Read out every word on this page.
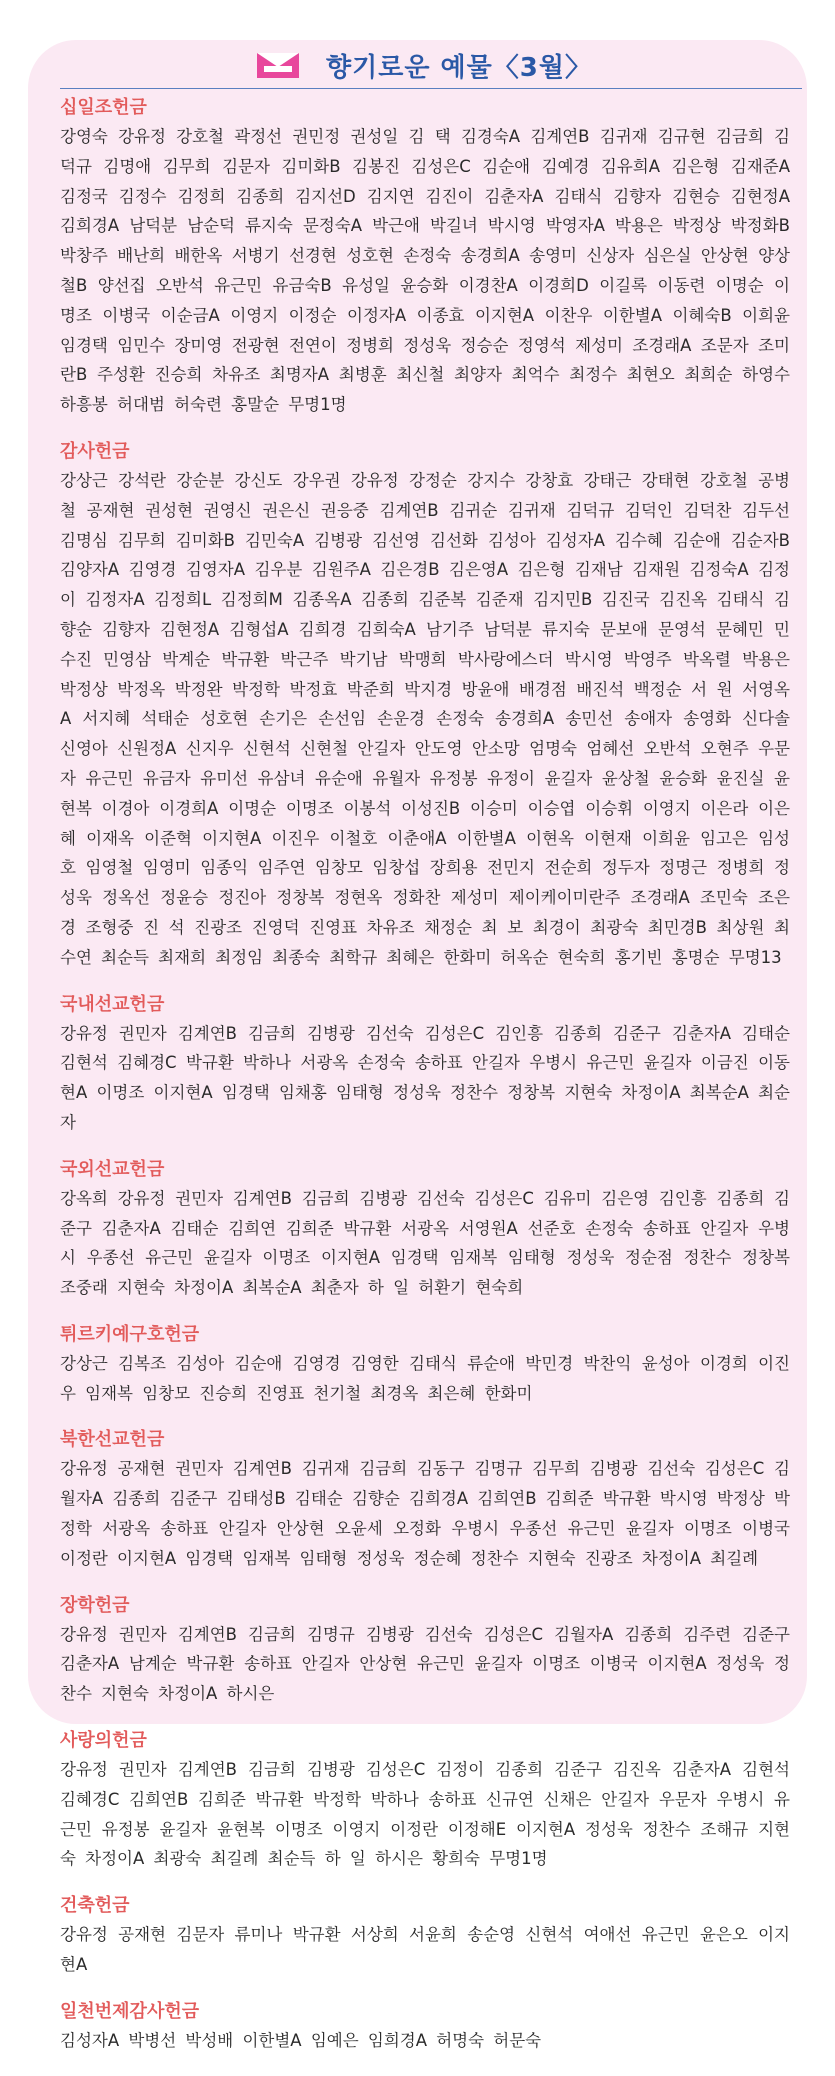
향기로운 예물〈3월〉
십일조헌금
강영숙 강유정 강호철 곽정선 권민정 권성일 김 택 김경숙A 김계연B 김귀재 김규현 김금희 김덕규 김명애 김무희 김문자 김미화B 김봉진 김성은C 김순애 김예경 김유희A 김은형 김재준A 김정국 김정수 김정희 김종희 김지선D 김지연 김진이 김춘자A 김태식 김향자 김현승 김현정A 김희경A 남덕분 남순덕 류지숙 문정숙A 박근애 박길녀 박시영 박영자A 박용은 박정상 박정화B 박창주 배난희 배한옥 서병기 선경현 성호현 손정숙 송경희A 송영미 신상자 심은실 안상현 양상철B 양선집 오반석 유근민 유금숙B 유성일 윤승화 이경찬A 이경희D 이길록 이동련 이명순 이명조 이병국 이순금A 이영지 이정순 이정자A 이종효 이지현A 이찬우 이한별A 이혜숙B 이희윤 임경택 임민수 장미영 전광현 전연이 정병희 정성욱 정승순 정영석 제성미 조경래A 조문자 조미란B 주성환 진승희 차유조 최명자A 최병훈 최신철 최양자 최억수 최정수 최현오 최희순 하영수 하흥봉 허대범 허숙련 홍말순 무명1명
감사헌금
강상근 강석란 강순분 강신도 강우권 강유정 강정순 강지수 강창효 강태근 강태현 강호철 공병철 공재현 권성현 권영신 권은신 권응중 김계연B 김귀순 김귀재 김덕규 김덕인 김덕찬 김두선 김명심 김무희 김미화B 김민숙A 김병광 김선영 김선화 김성아 김성자A 김수혜 김순애 김순자B 김양자A 김영경 김영자A 김우분 김원주A 김은경B 김은영A 김은형 김재남 김재원 김정숙A 김정이 김정자A 김정희L 김정희M 김종옥A 김종희 김준복 김준재 김지민B 김진국 김진옥 김태식 김향순 김향자 김현정A 김형섭A 김희경 김희숙A 남기주 남덕분 류지숙 문보애 문영석 문혜민 민수진 민영삼 박계순 박규환 박근주 박기남 박맹희 박사랑에스더 박시영 박영주 박옥렬 박용은 박정상 박정옥 박정완 박정학 박정효 박준희 박지경 방윤애 배경점 배진석 백정순 서 원 서영옥A 서지혜 석태순 성호현 손기은 손선임 손운경 손정숙 송경희A 송민선 송애자 송영화 신다솔 신영아 신원정A 신지우 신현석 신현철 안길자 안도영 안소망 엄명숙 엄혜선 오반석 오현주 우문자 유근민 유금자 유미선 유삼녀 유순애 유월자 유정봉 유정이 윤길자 윤상철 윤승화 윤진실 윤현복 이경아 이경희A 이명순 이명조 이봉석 이성진B 이승미 이승엽 이승휘 이영지 이은라 이은혜 이재옥 이준혁 이지현A 이진우 이철호 이춘애A 이한별A 이현옥 이현재 이희윤 임고은 임성호 임영철 임영미 임종익 임주연 임창모 임창섭 장희용 전민지 전순희 정두자 정명근 정병희 정성욱 정옥선 정윤승 정진아 정창복 정현옥 정화찬 제성미 제이케이미란주 조경래A 조민숙 조은경 조형중 진 석 진광조 진영덕 진영표 차유조 채정순 최 보 최경이 최광숙 최민경B 최상원 최수연 최순득 최재희 최정임 최종숙 최학규 최혜은 한화미 허옥순 현숙희 홍기빈 홍명순 무명13
국내선교헌금
강유정 권민자 김계연B 김금희 김병광 김선숙 김성은C 김인흥 김종희 김준구 김춘자A 김태순 김현석 김혜경C 박규환 박하나 서광옥 손정숙 송하표 안길자 우병시 유근민 윤길자 이금진 이동현A 이명조 이지현A 임경택 임채홍 임태형 정성욱 정찬수 정창복 지현숙 차정이A 최복순A 최순자
국외선교헌금
강옥희 강유정 권민자 김계연B 김금희 김병광 김선숙 김성은C 김유미 김은영 김인흥 김종희 김준구 김춘자A 김태순 김희연 김희준 박규환 서광옥 서영원A 선준호 손정숙 송하표 안길자 우병시 우종선 유근민 윤길자 이명조 이지현A 임경택 임재복 임태형 정성욱 정순점 정찬수 정창복 조중래 지현숙 차정이A 최복순A 최춘자 하 일 허환기 현숙희
튀르키예구호헌금
강상근 김복조 김성아 김순애 김영경 김영한 김태식 류순애 박민경 박찬익 윤성아 이경희 이진우 임재복 임창모 진승희 진영표 천기철 최경옥 최은혜 한화미
북한선교헌금
강유정 공재현 권민자 김계연B 김귀재 김금희 김동구 김명규 김무희 김병광 김선숙 김성은C 김월자A 김종희 김준구 김태성B 김태순 김향순 김희경A 김희연B 김희준 박규환 박시영 박정상 박정학 서광옥 송하표 안길자 안상현 오윤세 오정화 우병시 우종선 유근민 윤길자 이명조 이병국 이정란 이지현A 임경택 임재복 임태형 정성욱 정순혜 정찬수 지현숙 진광조 차정이A 최길례
장학헌금
강유정 권민자 김계연B 김금희 김명규 김병광 김선숙 김성은C 김월자A 김종희 김주련 김준구 김춘자A 남계순 박규환 송하표 안길자 안상현 유근민 윤길자 이명조 이병국 이지현A 정성욱 정찬수 지현숙 차정이A 하시은
사랑의헌금
강유정 권민자 김계연B 김금희 김병광 김성은C 김정이 김종희 김준구 김진옥 김춘자A 김현석 김혜경C 김희연B 김희준 박규환 박정학 박하나 송하표 신규연 신채은 안길자 우문자 우병시 유근민 유정봉 윤길자 윤현복 이명조 이영지 이정란 이정해E 이지현A 정성욱 정찬수 조해규 지현숙 차정이A 최광숙 최길례 최순득 하 일 하시은 황희숙 무명1명
건축헌금
강유정 공재현 김문자 류미나 박규환 서상희 서윤희 송순영 신현석 여애선 유근민 윤은오 이지현A
일천번제감사헌금
김성자A 박병선 박성배 이한별A 임예은 임희경A 허명숙 허문숙
